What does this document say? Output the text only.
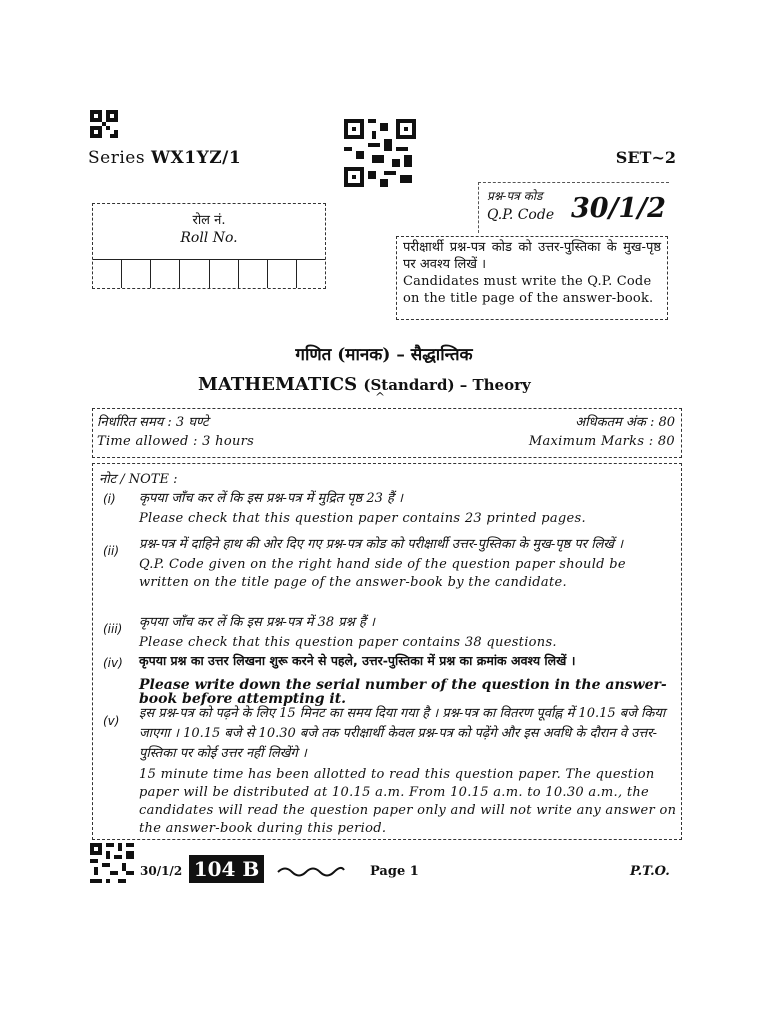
Series WX1YZ/1	SET~2
रोल नं.
Roll No.
प्रश्न-पत्र कोड
Q.P. Code 30/1/2
परीक्षार्थी प्रश्न-पत्र कोड को उत्तर-पुस्तिका के मुख-पृष्ठ पर अवश्य लिखें ।
Candidates must write the Q.P. Code
on the title page of the answer-book.
गणित (मानक) – सैद्धान्तिक
MATHEMATICS (Standard) – Theory
^
निर्धारित समय : 3 घण्टे	अधिकतम अंक : 80
Time allowed : 3 hours	Maximum Marks : 80
नोट / NOTE :
(i) कृपया जाँच कर लें कि इस प्रश्न-पत्र में मुद्रित पृष्ठ 23 हैं ।

Please check that this question paper contains 23 printed pages.

(ii) प्रश्न-पत्र में दाहिने हाथ की ओर दिए गए प्रश्न-पत्र कोड को परीक्षार्थी उत्तर-पुस्तिका के मुख-पृष्ठ पर लिखें ।

Q.P. Code given on the right hand side of the question paper should be written on the title page of the answer-book by the candidate.

(iii) कृपया जाँच कर लें कि इस प्रश्न-पत्र में 38 प्रश्न हैं ।

Please check that this question paper contains 38 questions.

(iv) कृपया प्रश्न का उत्तर लिखना शुरू करने से पहले, उत्तर-पुस्तिका में प्रश्न का क्रमांक अवश्य लिखें ।

Please write down the serial number of the question in the answer-book before attempting it.

(v) इस प्रश्न-पत्र को पढ़ने के लिए 15 मिनट का समय दिया गया है । प्रश्न-पत्र का वितरण पूर्वाह्न में 10.15 बजे किया जाएगा । 10.15 बजे से 10.30 बजे तक परीक्षार्थी केवल प्रश्न-पत्र को पढ़ेंगे और इस अवधि के दौरान वे उत्तर-पुस्तिका पर कोई उत्तर नहीं लिखेंगे ।

15 minute time has been allotted to read this question paper. The question paper will be distributed at 10.15 a.m. From 10.15 a.m. to 10.30 a.m., the candidates will read the question paper only and will not write any answer on the answer-book during this period.

30/1/2 104 B	Page 1	P.T.O.
